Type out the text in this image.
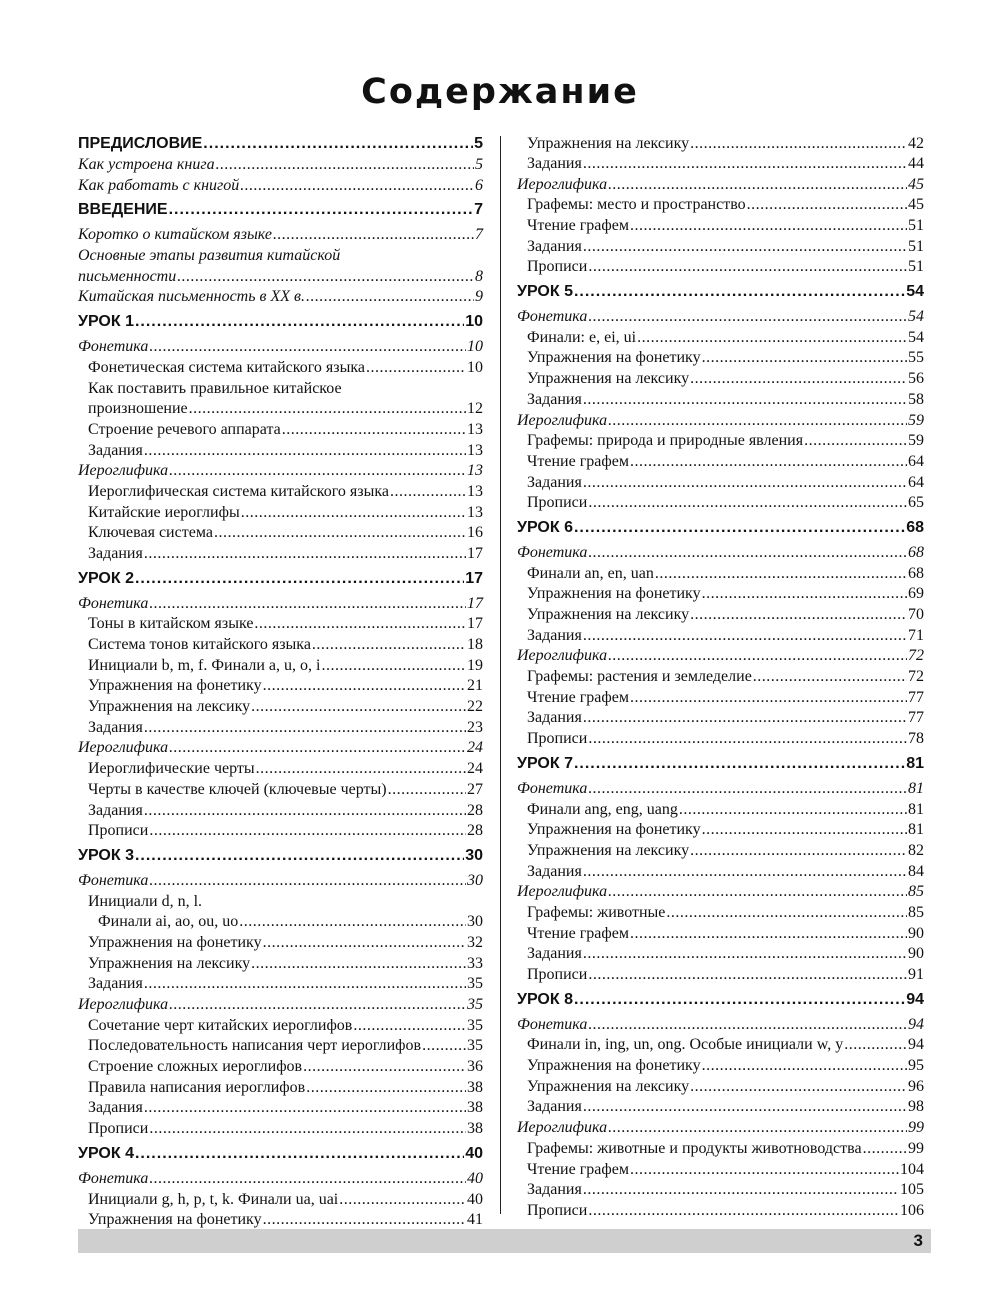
Содержание
ПРЕДИСЛОВИЕ .....	5
Как устроена книга .....	5
Как работать с книгой .....	6
ВВЕДЕНИЕ .....	7
Коротко о китайском языке .....	7
Основные этапы развития китайской
письменности .....	8
Китайская письменность в XX в. .....	9
УРОК 1 .....	10
Фонетика .....	10
Фонетическая система китайского языка .....	10
Как поставить правильное китайское
произношение .....	12
Строение речевого аппарата .....	13
Задания .....	13
Иероглифика .....	13
Иероглифическая система китайского языка .....	13
Китайские иероглифы .....	13
Ключевая система .....	16
Задания .....	17
УРОК 2 .....	17
Фонетика .....	17
Тоны в китайском языке .....	17
Система тонов китайского языка .....	18
Инициали b, m, f. Финали a, u, o, i .....	19
Упражнения на фонетику .....	21
Упражнения на лексику .....	22
Задания .....	23
Иероглифика .....	24
Иероглифические черты .....	24
Черты в качестве ключей (ключевые черты) .....	27
Задания .....	28
Прописи .....	28
УРОК 3 .....	30
Фонетика .....	30
Инициали d, n, l.
Финали ai, ao, ou, uo .....	30
Упражнения на фонетику .....	32
Упражнения на лексику .....	33
Задания .....	35
Иероглифика .....	35
Сочетание черт китайских иероглифов .....	35
Последовательность написания черт иероглифов .....	35
Строение сложных иероглифов .....	36
Правила написания иероглифов .....	38
Задания .....	38
Прописи .....	38
УРОК 4 .....	40
Фонетика .....	40
Инициали g, h, p, t, k. Финали ua, uai .....	40
Упражнения на фонетику .....	41
Упражнения на лексику .....	42
Задания .....	44
Иероглифика .....	45
Графемы: место и пространство .....	45
Чтение графем .....	51
Задания .....	51
Прописи .....	51
УРОК 5 .....	54
Фонетика .....	54
Финали: e, ei, ui .....	54
Упражнения на фонетику .....	55
Упражнения на лексику .....	56
Задания .....	58
Иероглифика .....	59
Графемы: природа и природные явления .....	59
Чтение графем .....	64
Задания .....	64
Прописи .....	65
УРОК 6 .....	68
Фонетика .....	68
Финали an, en, uan .....	68
Упражнения на фонетику .....	69
Упражнения на лексику .....	70
Задания .....	71
Иероглифика .....	72
Графемы: растения и земледелие .....	72
Чтение графем .....	77
Задания .....	77
Прописи .....	78
УРОК 7 .....	81
Фонетика .....	81
Финали ang, eng, uang .....	81
Упражнения на фонетику .....	81
Упражнения на лексику .....	82
Задания .....	84
Иероглифика .....	85
Графемы: животные .....	85
Чтение графем .....	90
Задания .....	90
Прописи .....	91
УРОК 8 .....	94
Фонетика .....	94
Финали in, ing, un, ong. Особые инициали w, y .....	94
Упражнения на фонетику .....	95
Упражнения на лексику .....	96
Задания .....	98
Иероглифика .....	99
Графемы: животные и продукты животноводства .....	99
Чтение графем .....	104
Задания .....	105
Прописи .....	106
3
